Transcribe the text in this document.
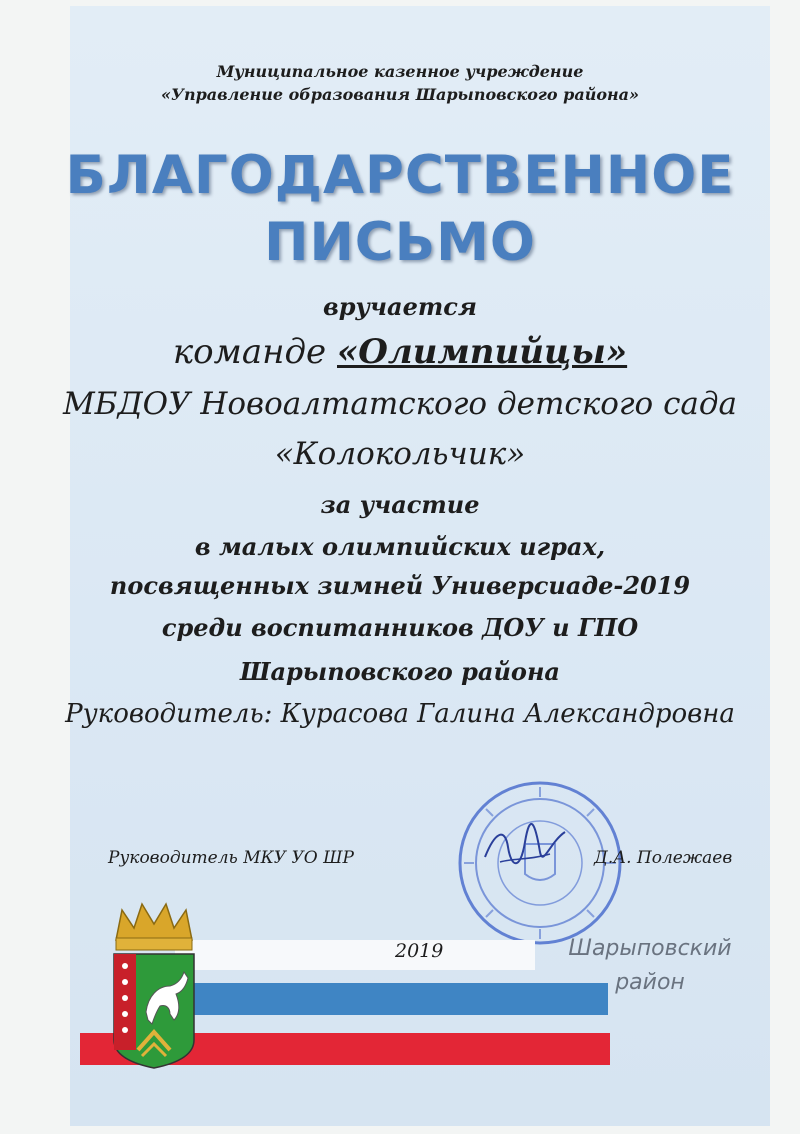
Муниципальное казенное учреждение
«Управление образования Шарыповского района»
БЛАГОДАРСТВЕННОЕ
ПИСЬМО
вручается
команде «Олимпийцы»
МБДОУ Новоалтатского детского сада
«Колокольчик»
за участие
в малых олимпийских играх,
посвященных зимней Универсиаде-2019
среди воспитанников ДОУ и ГПО
Шарыповского района
Руководитель: Курасова Галина Александровна
Руководитель МКУ УО ШР	Д.А. Полежаев
2019	Шарыповский
район
